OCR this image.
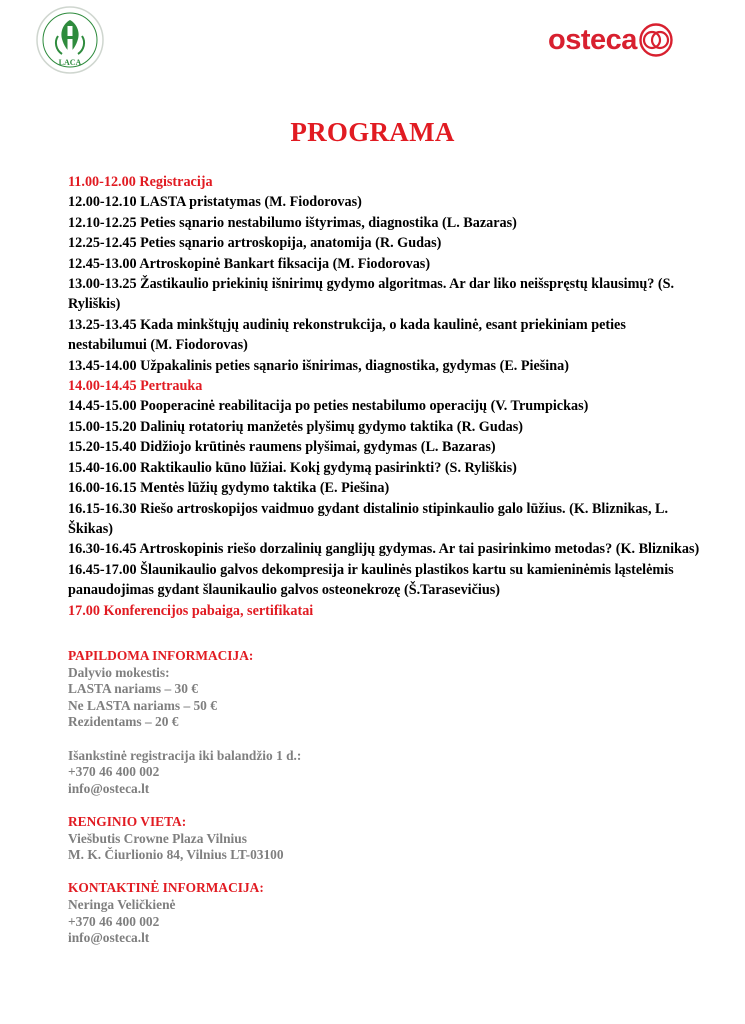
LACA
osteca
PROGRAMA

11.00-12.00 Registracija

12.00-12.10 LASTA pristatymas (M. Fiodorovas)

12.10-12.25 Peties sąnario nestabilumo ištyrimas, diagnostika (L. Bazaras)

12.25-12.45 Peties sąnario artroskopija, anatomija (R. Gudas)

12.45-13.00 Artroskopinė Bankart fiksacija (M. Fiodorovas)

13.00-13.25 Žastikaulio priekinių išnirimų gydymo algoritmas. Ar dar liko neišspręstų klausimų? (S. Ryliškis)

13.25-13.45 Kada minkštųjų audinių rekonstrukcija, o kada kaulinė, esant priekiniam peties nestabilumui (M. Fiodorovas)

13.45-14.00 Užpakalinis peties sąnario išnirimas, diagnostika, gydymas (E. Piešina)

14.00-14.45 Pertrauka

14.45-15.00 Pooperacinė reabilitacija po peties nestabilumo operacijų (V. Trumpickas)

15.00-15.20 Dalinių rotatorių manžetės plyšimų gydymo taktika (R. Gudas)

15.20-15.40 Didžiojo krūtinės raumens plyšimai, gydymas (L. Bazaras)

15.40-16.00 Raktikaulio kūno lūžiai. Kokį gydymą pasirinkti? (S. Ryliškis)

16.00-16.15 Mentės lūžių gydymo taktika (E. Piešina)

16.15-16.30 Riešo artroskopijos vaidmuo gydant distalinio stipinkaulio galo lūžius. (K. Bliznikas, L. Škikas)

16.30-16.45 Artroskopinis riešo dorzalinių ganglijų gydymas. Ar tai pasirinkimo metodas? (K. Bliznikas)

16.45-17.00 Šlaunikaulio galvos dekompresija ir kaulinės plastikos kartu su kamieninėmis ląstelėmis panaudojimas gydant šlaunikaulio galvos osteonekrozę (Š.Tarasevičius)

17.00 Konferencijos pabaiga, sertifikatai

PAPILDOMA INFORMACIJA:
Dalyvio mokestis:
LASTA nariams – 30 €
Ne LASTA nariams – 50 €
Rezidentams – 20 €
Išankstinė registracija iki balandžio 1 d.:
+370 46 400 002
info@osteca.lt
RENGINIO VIETA:
Viešbutis Crowne Plaza Vilnius
M. K. Čiurlionio 84, Vilnius LT-03100
KONTAKTINĖ INFORMACIJA:
Neringa Veličkienė
+370 46 400 002
info@osteca.lt
